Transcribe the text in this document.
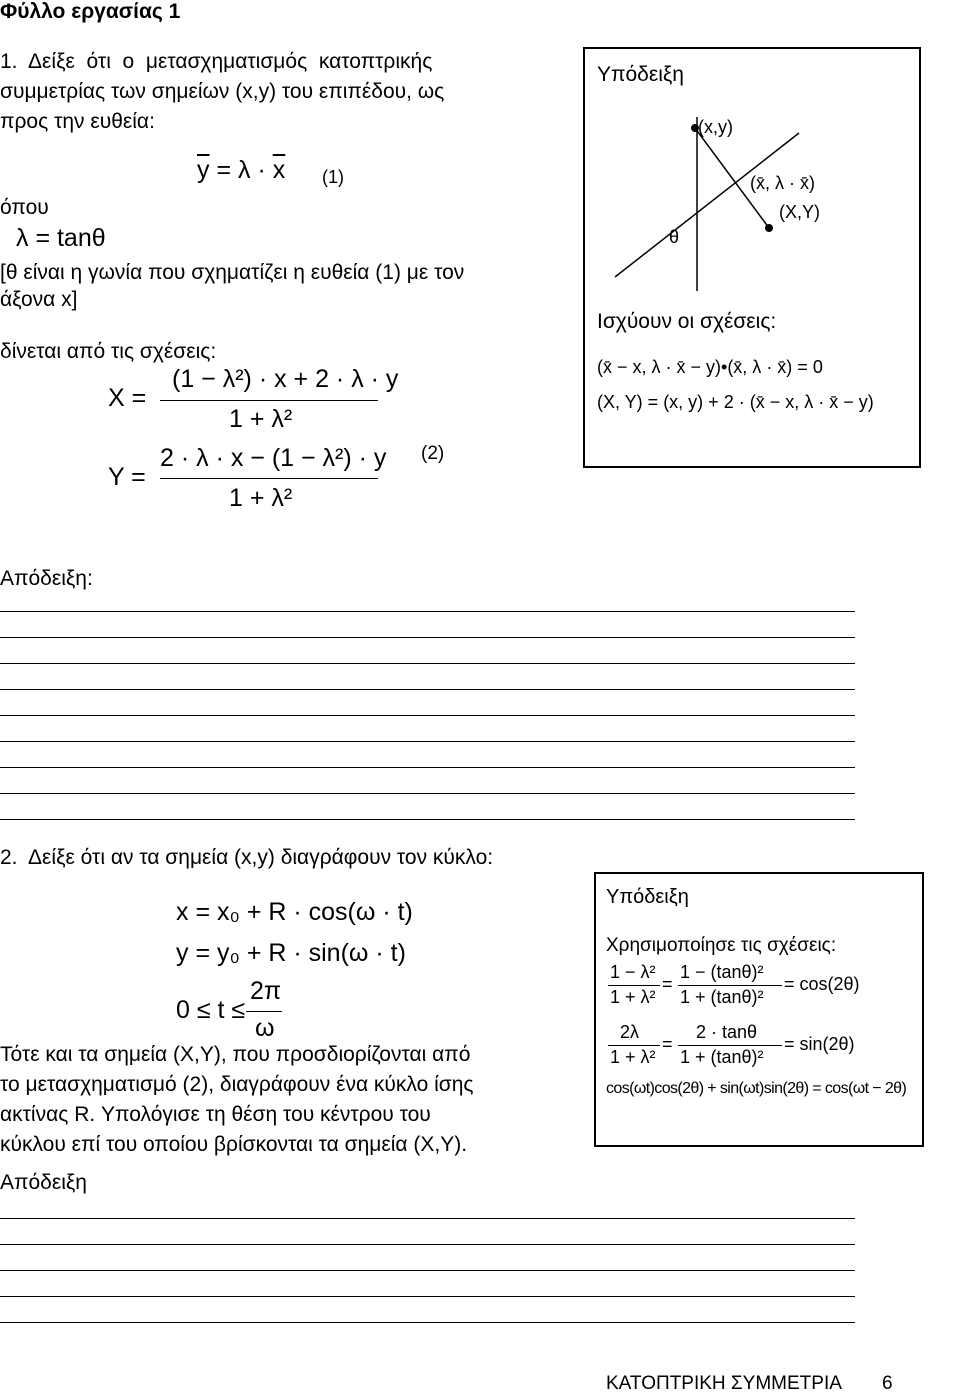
Φύλλο εργασίας 1
1.  Δείξε  ότι  ο  μετασχηματισμός  κατοπτρικής
συμμετρίας των σημείων (x,y) του επιπέδου, ως
προς την ευθεία:
$\overline{y} = \lambda \cdot \overline{x}$ (1)
όπου
λ = tanθ
[θ είναι η γωνία που σχηματίζει η ευθεία (1) με τον
άξονα x]
δίνεται από τις σχέσεις:
X =
(1 − λ²) · x + 2 · λ · y
1 + λ²
Y =
2 · λ · x − (1 − λ²) · y
1 + λ²
(2)
Υπόδειξη
(x,y)
(x̄, λ · x̄)
(X,Y)
θ
Ισχύουν οι σχέσεις:
(x̄ − x, λ · x̄ − y)•(x̄, λ · x̄) = 0
(X, Y) = (x, y) + 2 · (x̄ − x, λ · x̄ − y)
Απόδειξη:
2.  Δείξε ότι αν τα σημεία (x,y) διαγράφουν τον κύκλο:
x = x₀ + R · cos(ω · t)
y = y₀ + R · sin(ω · t)
0 ≤ t ≤
2π
ω
Τότε και τα σημεία (X,Y), που προσδιορίζονται από
το μετασχηματισμό (2), διαγράφουν ένα κύκλο ίσης
ακτίνας R. Υπολόγισε τη θέση του κέντρου του
κύκλου επί του οποίου βρίσκονται τα σημεία (X,Y).
Υπόδειξη
Χρησιμοποίησε τις σχέσεις:
1 − λ²
1 + λ²
=
1 − (tanθ)²
1 + (tanθ)²
= cos(2θ)
2λ
1 + λ²
=
2 · tanθ
1 + (tanθ)²
= sin(2θ)
cos(ωt)cos(2θ) + sin(ωt)sin(2θ) = cos(ωt − 2θ)
Απόδειξη
ΚΑΤΟΠΤΡΙΚΗ ΣΥΜΜΕΤΡΙΑ 6
